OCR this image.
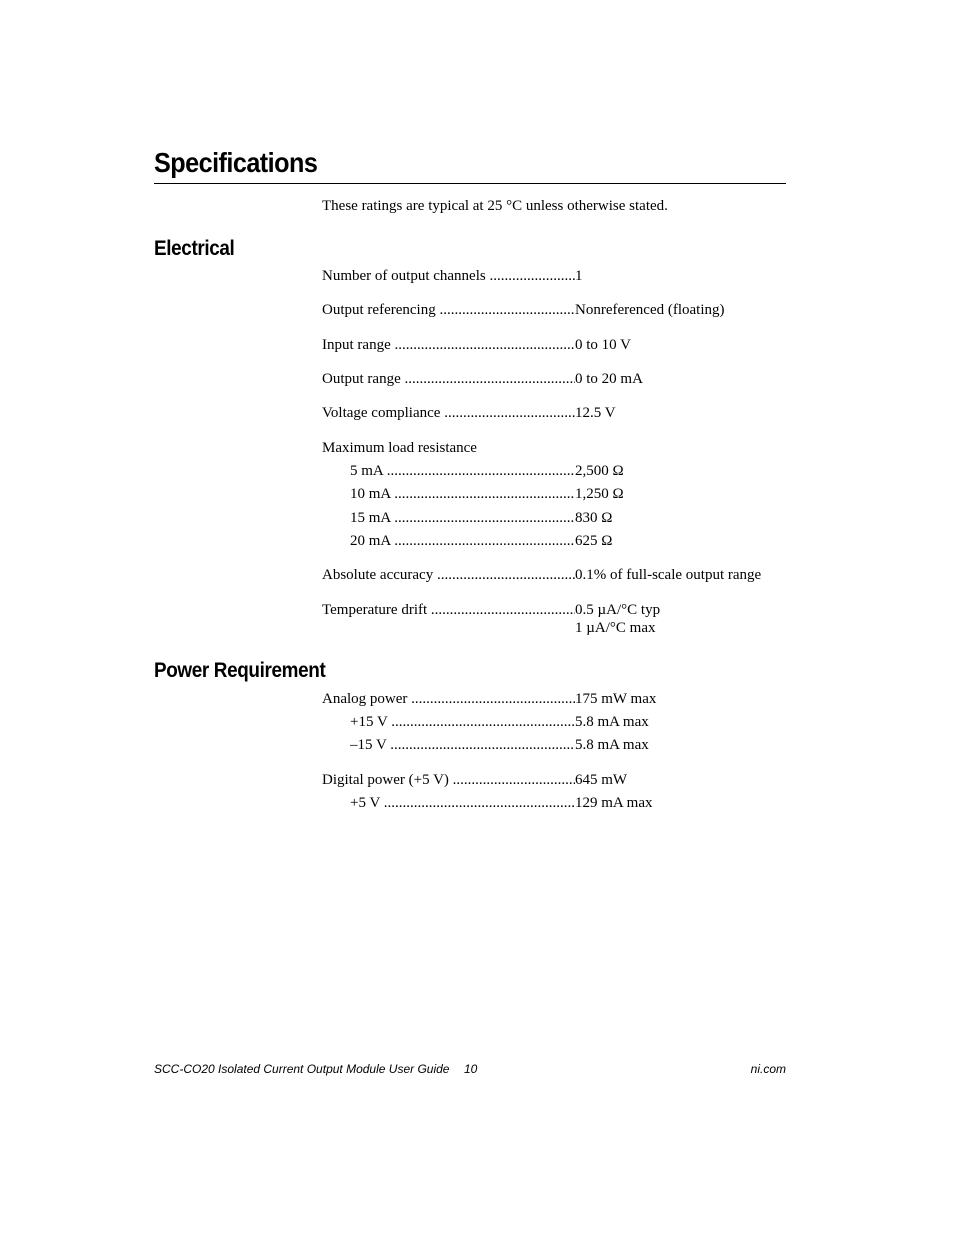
Specifications
These ratings are typical at 25 °C unless otherwise stated.
Electrical
Number of output channels .....	1
Output referencing .....	Nonreferenced (floating)
Input range .....	0 to 10 V
Output range .....	0 to 20 mA
Voltage compliance .....	12.5 V
Maximum load resistance
5 mA .....	2,500 Ω
10 mA .....	1,250 Ω
15 mA .....	830 Ω
20 mA .....	625 Ω
Absolute accuracy .....	0.1% of full-scale output range
Temperature drift .....	0.5 µA/°C typ
1 µA/°C max
Power Requirement
Analog power .....	175 mW max
+15 V .....	5.8 mA max
–15 V .....	5.8 mA max
Digital power (+5 V) .....	645 mW
+5 V .....	129 mA max
SCC-CO20 Isolated Current Output Module User Guide 10	ni.com
